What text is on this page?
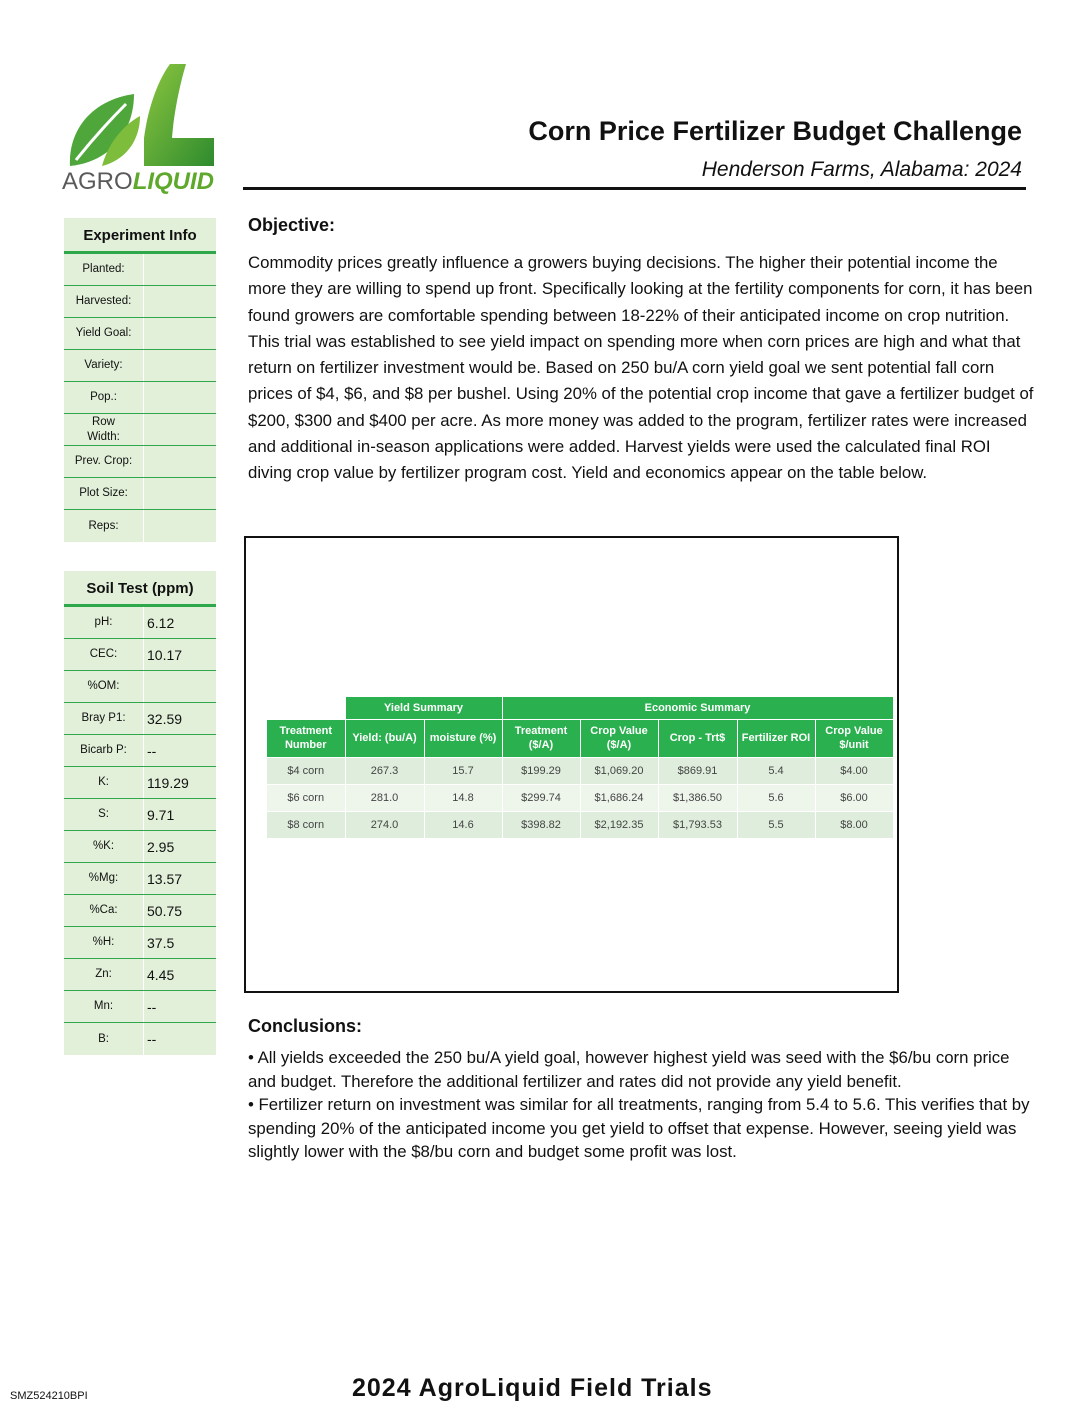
AGROLIQUID
Corn Price Fertilizer Budget Challenge
Henderson Farms, Alabama: 2024
Experiment Info
Planted:
Harvested:
Yield Goal:
Variety:
Pop.:
Row Width:
Prev. Crop:
Plot Size:
Reps:
Soil Test (ppm)
pH:	6.12
CEC:	10.17
%OM:
Bray P1:	32.59
Bicarb P:	--
K:	119.29
S:	9.71
%K:	2.95
%Mg:	13.57
%Ca:	50.75
%H:	37.5
Zn:	4.45
Mn:	--
B:	--
Objective:
Commodity prices greatly influence a growers buying decisions. The higher their potential income the more they are willing to spend up front. Specifically looking at the fertility components for corn, it has been found growers are comfortable spending between 18-22% of their anticipated income on crop nutrition. This trial was established to see yield impact on spending more when corn prices are high and what that return on fertilizer investment would be. Based on 250 bu/A corn yield goal we sent potential fall corn prices of $4, $6, and $8 per bushel. Using 20% of the potential crop income that gave a fertilizer budget of $200, $300 and $400 per acre. As more money was added to the program, fertilizer rates were increased and additional in-season applications were added. Harvest yields were used the calculated final ROI diving crop value by fertilizer program cost. Yield and economics appear on the table below.
	Yield Summary		Economic Summary				
Treatment Number	Yield: (bu/A)	moisture (%)	Treatment ($/A)	Crop Value ($/A)	Crop - Trt$	Fertilizer ROI	Crop Value $/unit
$4 corn	267.3	15.7	$199.29	$1,069.20	$869.91	5.4	$4.00
$6 corn	281.0	14.8	$299.74	$1,686.24	$1,386.50	5.6	$6.00
$8 corn	274.0	14.6	$398.82	$2,192.35	$1,793.53	5.5	$8.00
Conclusions:

• All yields exceeded the 250 bu/A yield goal, however highest yield was seed with the $6/bu corn price and budget. Therefore the additional fertilizer and rates did not provide any yield benefit.

• Fertilizer return on investment was similar for all treatments, ranging from 5.4 to 5.6. This verifies that by spending 20% of the anticipated income you get yield to offset that expense. However, seeing yield was slightly lower with the $8/bu corn and budget some profit was lost.

2024 AgroLiquid Field Trials
SMZ524210BPI
